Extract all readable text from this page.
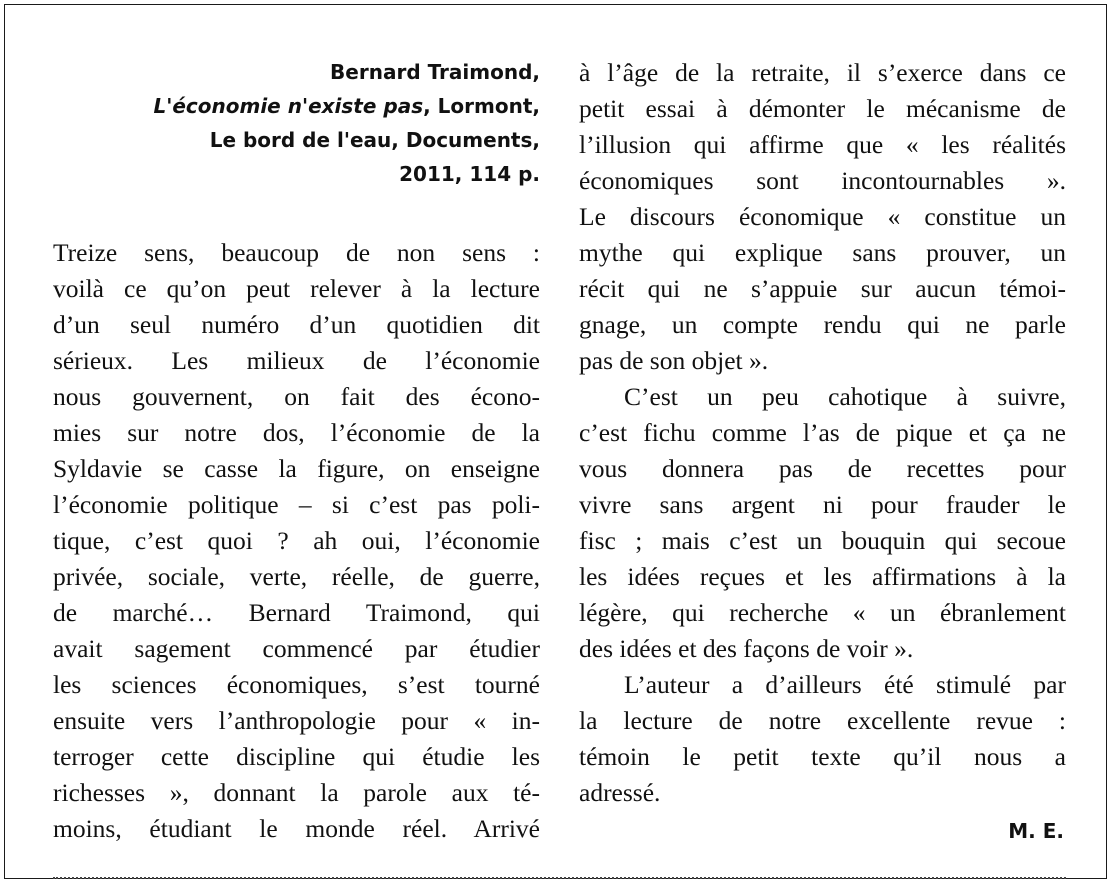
Bernard Traimond,
L'économie n'existe pas, Lormont,
Le bord de l'eau, Documents,
2011, 114 p.
Treize sens, beaucoup de non sens :
voilà ce qu’on peut relever à la lecture
d’un seul numéro d’un quotidien dit
sérieux. Les milieux de l’économie
nous gouvernent, on fait des écono-
mies sur notre dos, l’économie de la
Syldavie se casse la figure, on enseigne
l’économie politique – si c’est pas poli-
tique, c’est quoi ? ah oui, l’économie
privée, sociale, verte, réelle, de guerre,
de marché… Bernard Traimond, qui
avait sagement commencé par étudier
les sciences économiques, s’est tourné
ensuite vers l’anthropologie pour « in-
terroger cette discipline qui étudie les
richesses », donnant la parole aux té-
moins, étudiant le monde réel. Arrivé
à l’âge de la retraite, il s’exerce dans ce
petit essai à démonter le mécanisme de
l’illusion qui affirme que « les réalités
économiques sont incontournables ».
Le discours économique « constitue un
mythe qui explique sans prouver, un
récit qui ne s’appuie sur aucun témoi-
gnage, un compte rendu qui ne parle
pas de son objet ».
C’est un peu cahotique à suivre,
c’est fichu comme l’as de pique et ça ne
vous donnera pas de recettes pour
vivre sans argent ni pour frauder le
fisc ; mais c’est un bouquin qui secoue
les idées reçues et les affirmations à la
légère, qui recherche « un ébranlement
des idées et des façons de voir ».
L’auteur a d’ailleurs été stimulé par
la lecture de notre excellente revue :
témoin le petit texte qu’il nous a
adressé.
M. E.
